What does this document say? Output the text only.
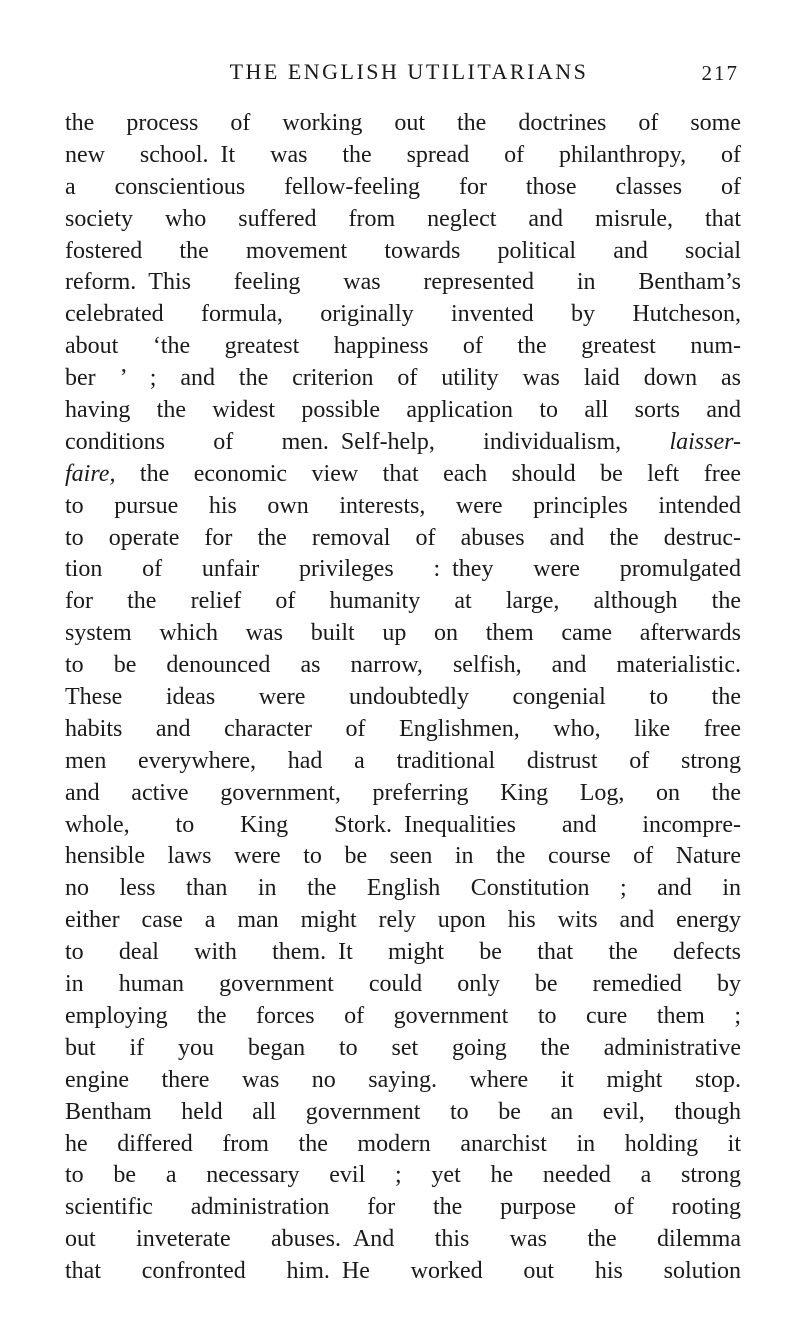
THE ENGLISH UTILITARIANS	217
the process of working out the doctrines of some
new school. It was the spread of philanthropy, of
a conscientious fellow-feeling for those classes of
society who suffered from neglect and misrule, that
fostered the movement towards political and social
reform. This feeling was represented in Bentham’s
celebrated formula, originally invented by Hutcheson,
about ‘the greatest happiness of the greatest num-
ber ’ ; and the criterion of utility was laid down as
having the widest possible application to all sorts and
conditions of men. Self-help, individualism, laisser-
faire, the economic view that each should be left free
to pursue his own interests, were principles intended
to operate for the removal of abuses and the destruc-
tion of unfair privileges : they were promulgated
for the relief of humanity at large, although the
system which was built up on them came afterwards
to be denounced as narrow, selfish, and materialistic.
These ideas were undoubtedly congenial to the
habits and character of Englishmen, who, like free
men everywhere, had a traditional distrust of strong
and active government, preferring King Log, on the
whole, to King Stork. Inequalities and incompre-
hensible laws were to be seen in the course of Nature
no less than in the English Constitution ; and in
either case a man might rely upon his wits and energy
to deal with them. It might be that the defects
in human government could only be remedied by
employing the forces of government to cure them ;
but if you began to set going the administrative
engine there was no saying. where it might stop.
Bentham held all government to be an evil, though
he differed from the modern anarchist in holding it
to be a necessary evil ; yet he needed a strong
scientific administration for the purpose of rooting
out inveterate abuses. And this was the dilemma
that confronted him. He worked out his solution
